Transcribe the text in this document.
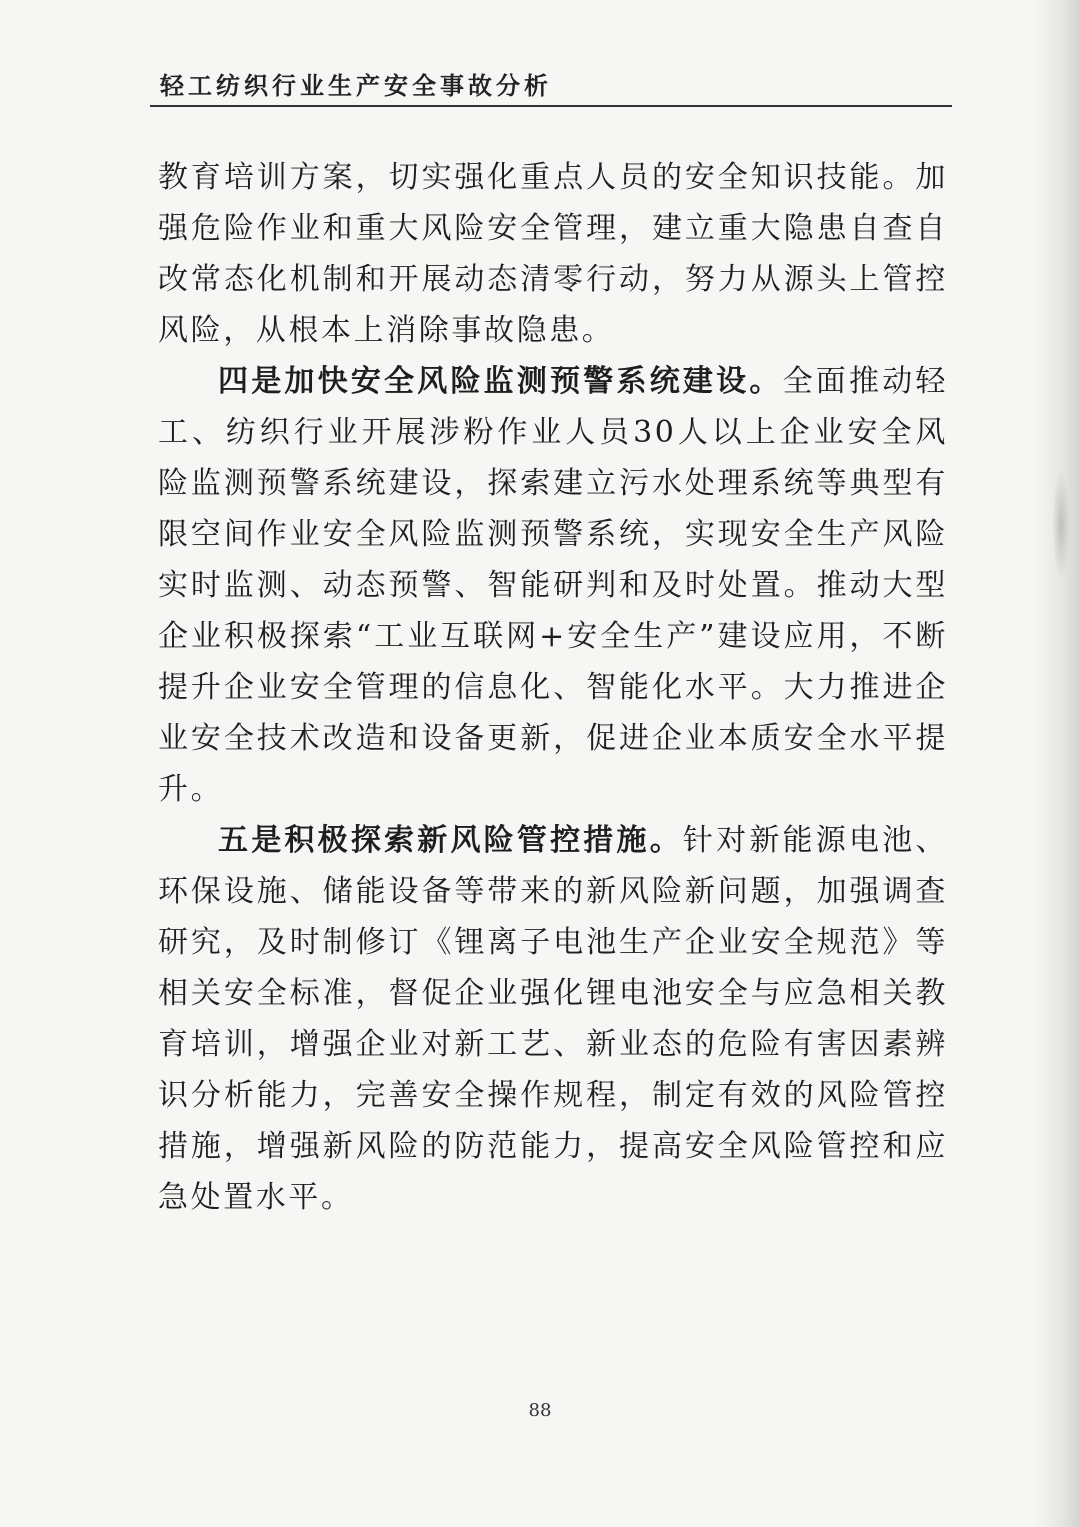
轻工纺织行业生产安全事故分析

教育培训方案，切实强化重点人员的安全知识技能。加强危险作业和重大风险安全管理，建立重大隐患自查自改常态化机制和开展动态清零行动，努力从源头上管控风险，从根本上消除事故隐患。

四是加快安全风险监测预警系统建设。全面推动轻工、纺织行业开展涉粉作业人员30人以上企业安全风险监测预警系统建设，探索建立污水处理系统等典型有限空间作业安全风险监测预警系统，实现安全生产风险实时监测、动态预警、智能研判和及时处置。推动大型企业积极探索“工业互联网+安全生产”建设应用，不断提升企业安全管理的信息化、智能化水平。大力推进企业安全技术改造和设备更新，促进企业本质安全水平提升。

五是积极探索新风险管控措施。针对新能源电池、环保设施、储能设备等带来的新风险新问题，加强调查研究，及时制修订《锂离子电池生产企业安全规范》等相关安全标准，督促企业强化锂电池安全与应急相关教育培训，增强企业对新工艺、新业态的危险有害因素辨识分析能力，完善安全操作规程，制定有效的风险管控措施，增强新风险的防范能力，提高安全风险管控和应急处置水平。

88
